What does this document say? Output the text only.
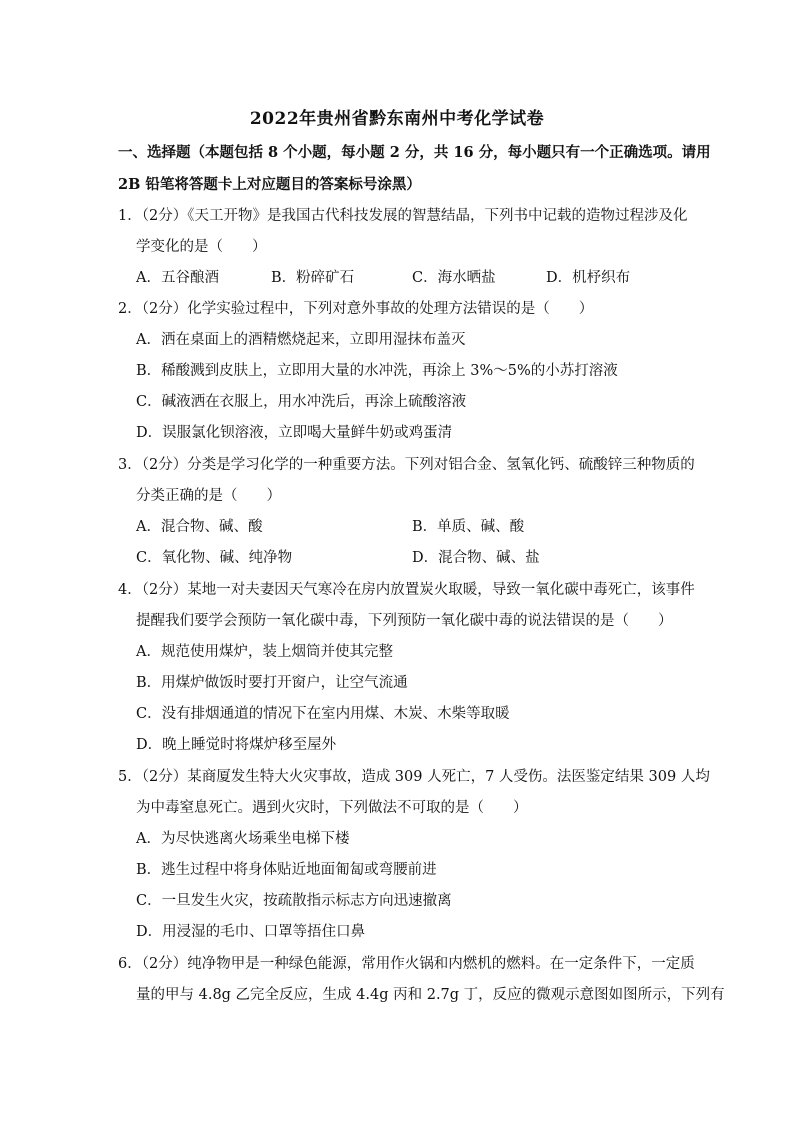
2022年贵州省黔东南州中考化学试卷
一、选择题（本题包括 8 个小题，每小题 2 分，共 16 分，每小题只有一个正确选项。请用
2B 铅笔将答题卡上对应题目的答案标号涂黑）
1．（2分）《天工开物》是我国古代科技发展的智慧结晶，下列书中记载的造物过程涉及化
学变化的是（　　）
A．五谷酿酒	B．粉碎矿石	C．海水晒盐	D．机杼织布
2．（2分）化学实验过程中，下列对意外事故的处理方法错误的是（　　）
A．洒在桌面上的酒精燃烧起来，立即用湿抹布盖灭
B．稀酸溅到皮肤上，立即用大量的水冲洗，再涂上 3%～5%的小苏打溶液
C．碱液洒在衣服上，用水冲洗后，再涂上硫酸溶液
D．误服氯化钡溶液，立即喝大量鲜牛奶或鸡蛋清
3．（2分）分类是学习化学的一种重要方法。下列对铝合金、氢氧化钙、硫酸锌三种物质的
分类正确的是（　　）
A．混合物、碱、酸	B．单质、碱、酸
C．氧化物、碱、纯净物	D．混合物、碱、盐
4．（2分）某地一对夫妻因天气寒冷在房内放置炭火取暖，导致一氧化碳中毒死亡，该事件
提醒我们要学会预防一氧化碳中毒，下列预防一氧化碳中毒的说法错误的是（　　）
A．规范使用煤炉，装上烟筒并使其完整
B．用煤炉做饭时要打开窗户，让空气流通
C．没有排烟通道的情况下在室内用煤、木炭、木柴等取暖
D．晚上睡觉时将煤炉移至屋外
5．（2分）某商厦发生特大火灾事故，造成 309 人死亡，7 人受伤。法医鉴定结果 309 人均
为中毒窒息死亡。遇到火灾时，下列做法不可取的是（　　）
A．为尽快逃离火场乘坐电梯下楼
B．逃生过程中将身体贴近地面匍匐或弯腰前进
C．一旦发生火灾，按疏散指示标志方向迅速撤离
D．用浸湿的毛巾、口罩等捂住口鼻
6．（2分）纯净物甲是一种绿色能源，常用作火锅和内燃机的燃料。在一定条件下，一定质
量的甲与 4.8g 乙完全反应，生成 4.4g 丙和 2.7g 丁，反应的微观示意图如图所示，下列有
